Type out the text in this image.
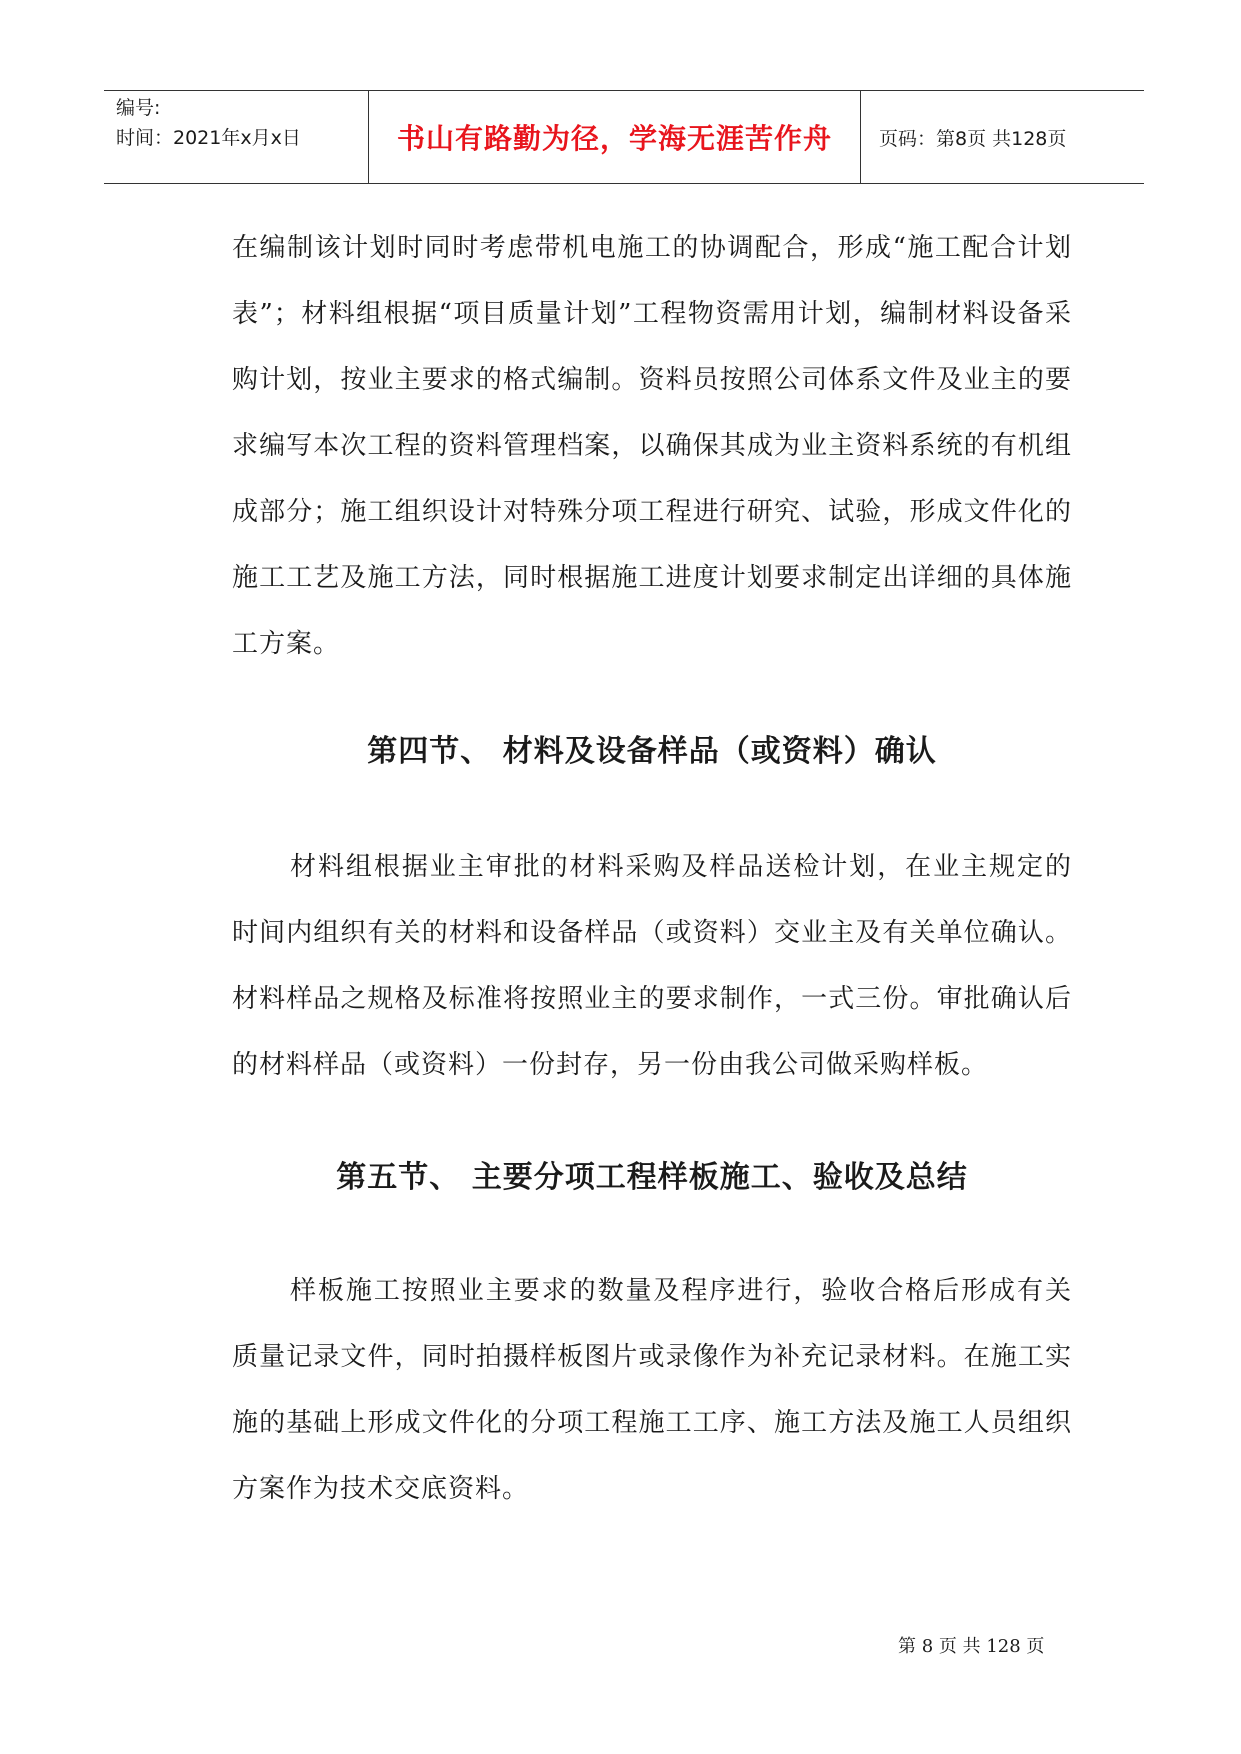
编号:
时间：2021年x月x日	书山有路勤为径，学海无涯苦作舟 页码：第8页 共128页

在编制该计划时同时考虑带机电施工的协调配合，形成“施工配合计划表”；材料组根据“项目质量计划”工程物资需用计划，编制材料设备采购计划，按业主要求的格式编制。资料员按照公司体系文件及业主的要求编写本次工程的资料管理档案，以确保其成为业主资料系统的有机组成部分；施工组织设计对特殊分项工程进行研究、试验，形成文件化的施工工艺及施工方法，同时根据施工进度计划要求制定出详细的具体施工方案。

第四节、 材料及设备样品（或资料）确认

材料组根据业主审批的材料采购及样品送检计划，在业主规定的时间内组织有关的材料和设备样品（或资料）交业主及有关单位确认。材料样品之规格及标准将按照业主的要求制作，一式三份。审批确认后的材料样品（或资料）一份封存，另一份由我公司做采购样板。

第五节、 主要分项工程样板施工、验收及总结

样板施工按照业主要求的数量及程序进行，验收合格后形成有关质量记录文件，同时拍摄样板图片或录像作为补充记录材料。在施工实施的基础上形成文件化的分项工程施工工序、施工方法及施工人员组织方案作为技术交底资料。

第 8 页 共 128 页
